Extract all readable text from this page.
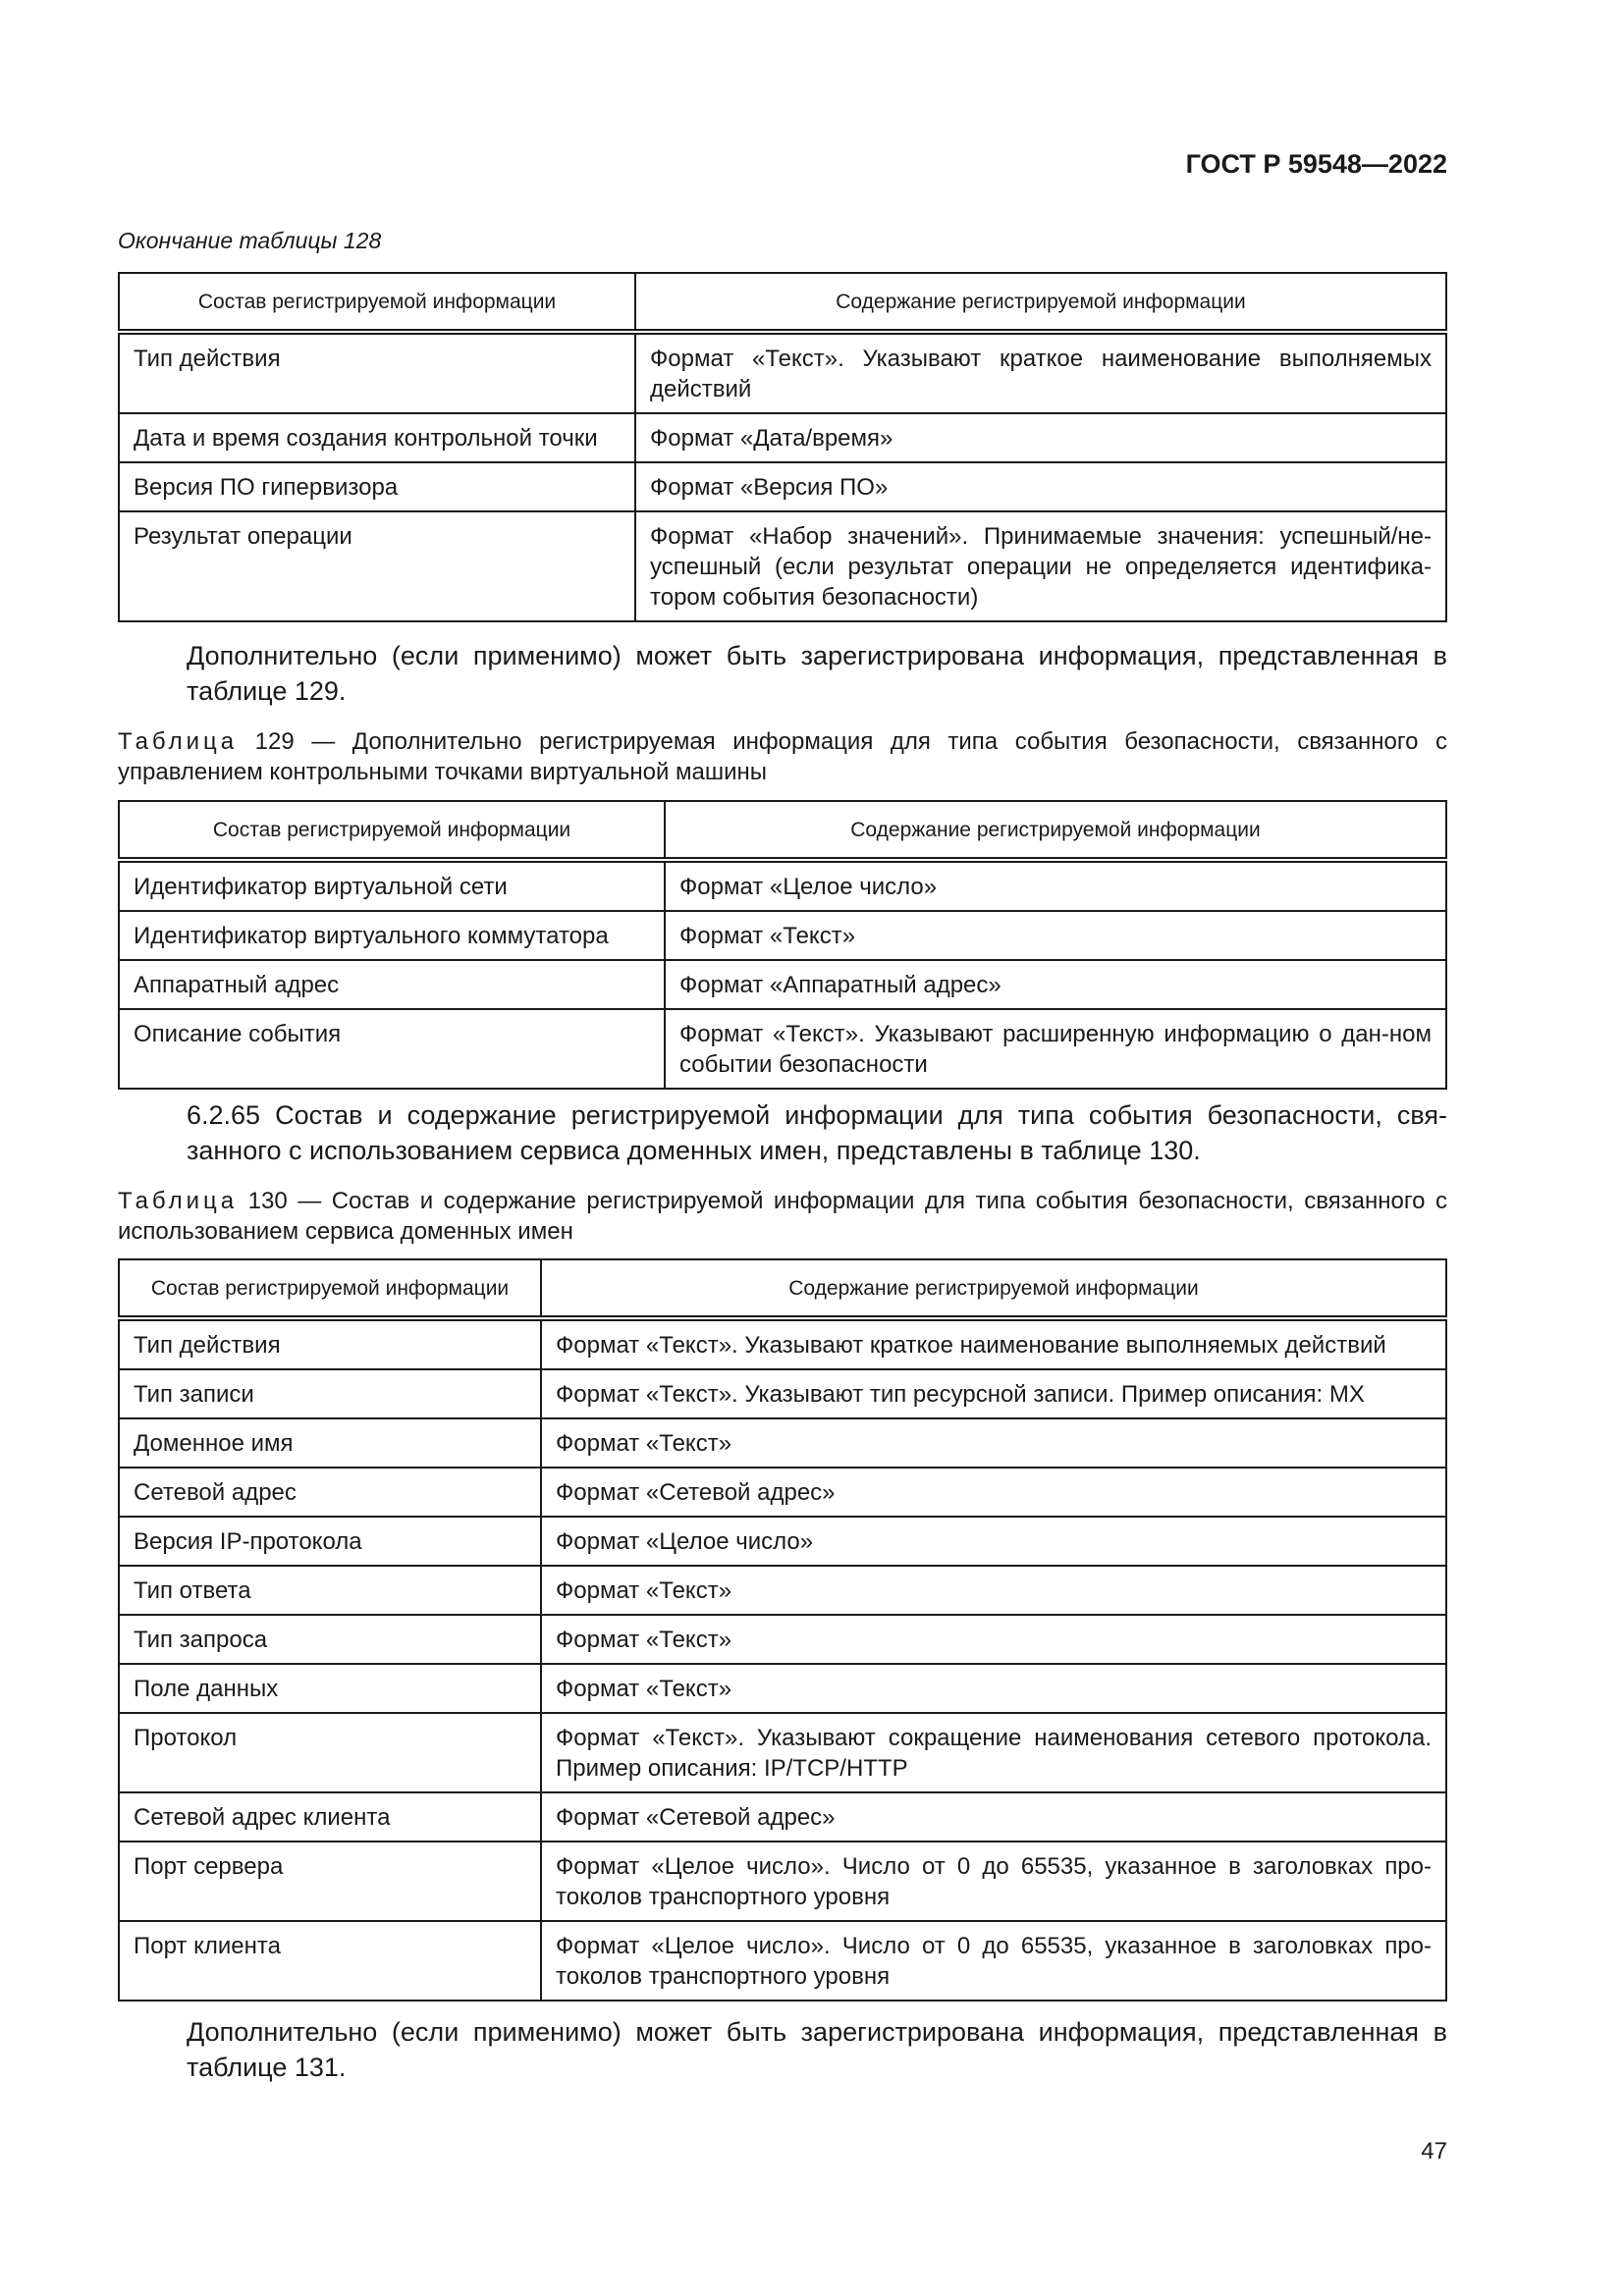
ГОСТ Р 59548—2022
Окончание таблицы 128
Состав регистрируемой информации	Содержание регистрируемой информации
Тип действия	Формат «Текст». Указывают краткое наименование выполняемых действий
Дата и время создания контрольной точки	Формат «Дата/время»
Версия ПО гипервизора	Формат «Версия ПО»
Результат операции	Формат «Набор значений». Принимаемые значения: успешный/не-успешный (если результат операции не определяется идентифика-тором события безопасности)
Дополнительно (если применимо) может быть зарегистрирована информация, представленная в таблице 129.
Таблица 129 — Дополнительно регистрируемая информация для типа события безопасности, связанного с управлением контрольными точками виртуальной машины
Состав регистрируемой информации	Содержание регистрируемой информации
Идентификатор виртуальной сети	Формат «Целое число»
Идентификатор виртуального коммутатора	Формат «Текст»
Аппаратный адрес	Формат «Аппаратный адрес»
Описание события	Формат «Текст». Указывают расширенную информацию о дан-ном событии безопасности
6.2.65 Состав и содержание регистрируемой информации для типа события безопасности, свя-занного с использованием сервиса доменных имен, представлены в таблице 130.
Таблица 130 — Состав и содержание регистрируемой информации для типа события безопасности, связанного с использованием сервиса доменных имен
Состав регистрируемой информации	Содержание регистрируемой информации
Тип действия	Формат «Текст». Указывают краткое наименование выполняемых действий
Тип записи	Формат «Текст». Указывают тип ресурсной записи. Пример описания: MX
Доменное имя	Формат «Текст»
Сетевой адрес	Формат «Сетевой адрес»
Версия IP-протокола	Формат «Целое число»
Тип ответа	Формат «Текст»
Тип запроса	Формат «Текст»
Поле данных	Формат «Текст»
Протокол	Формат «Текст». Указывают сокращение наименования сетевого протокола. Пример описания: IP/TCP/HTTP
Сетевой адрес клиента	Формат «Сетевой адрес»
Порт сервера	Формат «Целое число». Число от 0 до 65535, указанное в заголовках про-токолов транспортного уровня
Порт клиента	Формат «Целое число». Число от 0 до 65535, указанное в заголовках про-токолов транспортного уровня
Дополнительно (если применимо) может быть зарегистрирована информация, представленная в таблице 131.
47
